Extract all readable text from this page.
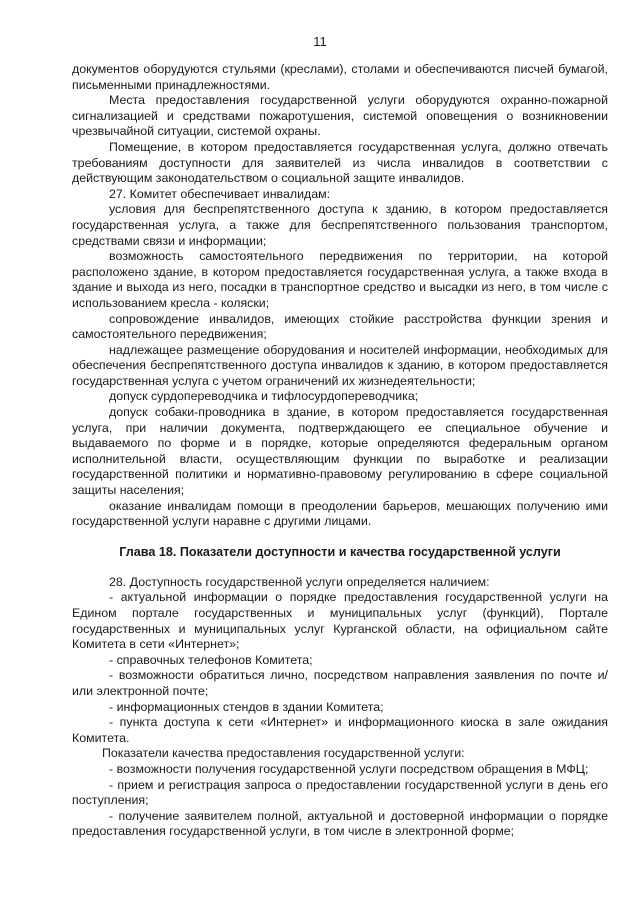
11

документов оборудуются стульями (креслами), столами и обеспечиваются писчей бумагой, письменными принадлежностями.

Места предоставления государственной услуги оборудуются охранно-пожарной сигнализацией и средствами пожаротушения, системой оповещения о возникновении чрезвычайной ситуации, системой охраны.

Помещение, в котором предоставляется государственная услуга, должно отвечать требованиям доступности для заявителей из числа инвалидов в соответствии с действующим законодательством о социальной защите инвалидов.

27. Комитет обеспечивает инвалидам:

условия для беспрепятственного доступа к зданию, в котором предоставляется государственная услуга, а также для беспрепятственного пользования транспортом, средствами связи и информации;

возможность самостоятельного передвижения по территории, на которой расположено здание, в котором предоставляется государственная услуга, а также входа в здание и выхода из него, посадки в транспортное средство и высадки из него, в том числе с использованием кресла - коляски;

сопровождение инвалидов, имеющих стойкие расстройства функции зрения и самостоятельного передвижения;

надлежащее размещение оборудования и носителей информации, необходимых для обеспечения беспрепятственного доступа инвалидов к зданию, в котором предоставляется государственная услуга с учетом ограничений их жизнедеятельности;

допуск сурдопереводчика и тифлосурдопереводчика;

допуск собаки-проводника в здание, в котором предоставляется государственная услуга, при наличии документа, подтверждающего ее специальное обучение и выдаваемого по форме и в порядке, которые определяются федеральным органом исполнительной власти, осуществляющим функции по выработке и реализации государственной политики и нормативно-правовому регулированию в сфере социальной защиты населения;

оказание инвалидам помощи в преодолении барьеров, мешающих получению ими государственной услуги наравне с другими лицами.

Глава 18. Показатели доступности и качества государственной услуги

28. Доступность государственной услуги определяется наличием:

- актуальной информации о порядке предоставления государственной услуги на Едином портале государственных и муниципальных услуг (функций), Портале государственных и муниципальных услуг Курганской области, на официальном сайте Комитета в сети «Интернет»;

- справочных телефонов Комитета;

- возможности обратиться лично, посредством направления заявления по почте и/или электронной почте;

- информационных стендов в здании Комитета;

- пункта доступа к сети «Интернет» и информационного киоска в зале ожидания Комитета.

Показатели качества предоставления государственной услуги:

- возможности получения государственной услуги посредством обращения в МФЦ;

- прием и регистрация запроса о предоставлении государственной услуги в день его поступления;

- получение заявителем полной, актуальной и достоверной информации о порядке предоставления государственной услуги, в том числе в электронной форме;
